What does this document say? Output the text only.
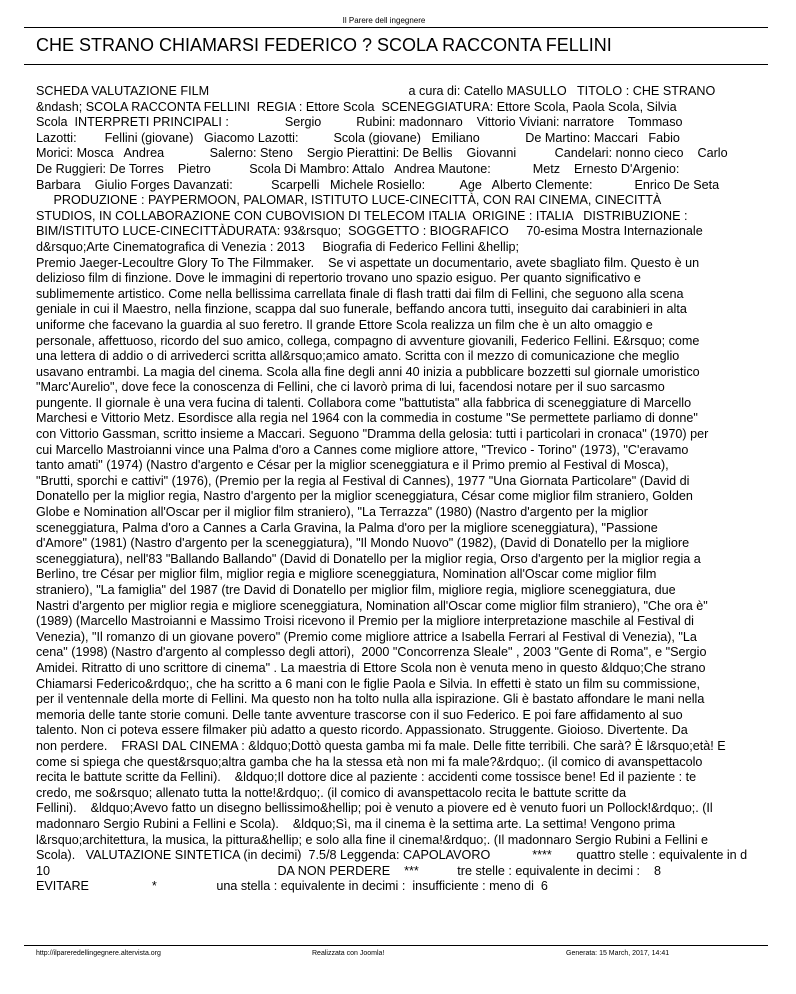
Il Parere dell ingegnere
CHE STRANO CHIAMARSI FEDERICO ? SCOLA RACCONTA FELLINI
SCHEDA VALUTAZIONE FILM                                                         a cura di: Catello MASULLO   TITOLO : CHE STRANO
&ndash; SCOLA RACCONTA FELLINI  REGIA : Ettore Scola  SCENEGGIATURA: Ettore Scola, Paola Scola, Silvia
Scola  INTERPRETI PRINCIPALI :                Sergio          Rubini: madonnaro    Vittorio Viviani: narratore    Tommaso
Lazotti:        Fellini (giovane)   Giacomo Lazotti:          Scola (giovane)   Emiliano             De Martino: Maccari   Fabio
Morici: Mosca   Andrea             Salerno: Steno    Sergio Pierattini: De Bellis    Giovanni           Candelari: nonno cieco    Carlo
De Ruggieri: De Torres    Pietro           Scola Di Mambro: Attalo   Andrea Mautone:            Metz    Ernesto D'Argenio:
Barbara    Giulio Forges Davanzati:           Scarpelli   Michele Rosiello:          Age   Alberto Clemente:            Enrico De Seta
PRODUZIONE : PAYPERMOON, PALOMAR, ISTITUTO LUCE-CINECITTÀ, CON RAI CINEMA, CINECITTÀ
STUDIOS, IN COLLABORAZIONE CON CUBOVISION DI TELECOM ITALIA  ORIGINE : ITALIA   DISTRIBUZIONE :
BIM/ISTITUTO LUCE-CINECITTÀDURATA: 93&rsquo;  SOGGETTO : BIOGRAFICO     70-esima Mostra Internazionale
d&rsquo;Arte Cinematografica di Venezia : 2013     Biografia di Federico Fellini &hellip;
Premio Jaeger-Lecoultre Glory To The Filmmaker.    Se vi aspettate un documentario, avete sbagliato film. Questo è un
delizioso film di finzione. Dove le immagini di repertorio trovano uno spazio esiguo. Per quanto significativo e
sublimemente artistico. Come nella bellissima carrellata finale di flash tratti dai film di Fellini, che seguono alla scena
geniale in cui il Maestro, nella finzione, scappa dal suo funerale, beffando ancora tutti, inseguito dai carabinieri in alta
uniforme che facevano la guardia al suo feretro. Il grande Ettore Scola realizza un film che è un alto omaggio e
personale, affettuoso, ricordo del suo amico, collega, compagno di avventure giovanili, Federico Fellini. E&rsquo; come
una lettera di addio o di arrivederci scritta all&rsquo;amico amato. Scritta con il mezzo di comunicazione che meglio
usavano entrambi. La magia del cinema. Scola alla fine degli anni 40 inizia a pubblicare bozzetti sul giornale umoristico
"Marc'Aurelio", dove fece la conoscenza di Fellini, che ci lavorò prima di lui, facendosi notare per il suo sarcasmo
pungente. Il giornale è una vera fucina di talenti. Collabora come "battutista" alla fabbrica di sceneggiature di Marcello
Marchesi e Vittorio Metz. Esordisce alla regia nel 1964 con la commedia in costume "Se permettete parliamo di donne"
con Vittorio Gassman, scritto insieme a Maccari. Seguono "Dramma della gelosia: tutti i particolari in cronaca" (1970) per
cui Marcello Mastroianni vince una Palma d'oro a Cannes come migliore attore, "Trevico - Torino" (1973), "C'eravamo
tanto amati" (1974) (Nastro d'argento e César per la miglior sceneggiatura e il Primo premio al Festival di Mosca),
"Brutti, sporchi e cattivi" (1976), (Premio per la regia al Festival di Cannes), 1977 "Una Giornata Particolare" (David di
Donatello per la miglior regia, Nastro d'argento per la miglior sceneggiatura, César come miglior film straniero, Golden
Globe e Nomination all'Oscar per il miglior film straniero), "La Terrazza" (1980) (Nastro d'argento per la miglior
sceneggiatura, Palma d'oro a Cannes a Carla Gravina, la Palma d'oro per la migliore sceneggiatura), "Passione
d'Amore" (1981) (Nastro d'argento per la sceneggiatura), "Il Mondo Nuovo" (1982), (David di Donatello per la migliore
sceneggiatura), nell'83 "Ballando Ballando" (David di Donatello per la miglior regia, Orso d'argento per la miglior regia a
Berlino, tre César per miglior film, miglior regia e migliore sceneggiatura, Nomination all'Oscar come miglior film
straniero), "La famiglia" del 1987 (tre David di Donatello per miglior film, migliore regia, migliore sceneggiatura, due
Nastri d'argento per miglior regia e migliore sceneggiatura, Nomination all'Oscar come miglior film straniero), "Che ora è"
(1989) (Marcello Mastroianni e Massimo Troisi ricevono il Premio per la migliore interpretazione maschile al Festival di
Venezia), "Il romanzo di un giovane povero" (Premio come migliore attrice a Isabella Ferrari al Festival di Venezia), "La
cena" (1998) (Nastro d'argento al complesso degli attori),  2000 "Concorrenza Sleale" , 2003 "Gente di Roma", e "Sergio
Amidei. Ritratto di uno scrittore di cinema" . La maestria di Ettore Scola non è venuta meno in questo &ldquo;Che strano
Chiamarsi Federico&rdquo;, che ha scritto a 6 mani con le figlie Paola e Silvia. In effetti è stato un film su commissione,
per il ventennale della morte di Fellini. Ma questo non ha tolto nulla alla ispirazione. Gli è bastato affondare le mani nella
memoria delle tante storie comuni. Delle tante avventure trascorse con il suo Federico. E poi fare affidamento al suo
talento. Non ci poteva essere filmaker più adatto a questo ricordo. Appassionato. Struggente. Gioioso. Divertente. Da
non perdere.    FRASI DAL CINEMA : &ldquo;Dottò questa gamba mi fa male. Delle fitte terribili. Che sarà? È l&rsquo;età! E
come si spiega che quest&rsquo;altra gamba che ha la stessa età non mi fa male?&rdquo;. (il comico di avanspettacolo
recita le battute scritte da Fellini).    &ldquo;Il dottore dice al paziente : accidenti come tossisce bene! Ed il paziente : te
credo, me so&rsquo; allenato tutta la notte!&rdquo;. (il comico di avanspettacolo recita le battute scritte da
Fellini).    &ldquo;Avevo fatto un disegno bellissimo&hellip; poi è venuto a piovere ed è venuto fuori un Pollock!&rdquo;. (Il
madonnaro Sergio Rubini a Fellini e Scola).    &ldquo;Sì, ma il cinema è la settima arte. La settima! Vengono prima
l&rsquo;architettura, la musica, la pittura&hellip; e solo alla fine il cinema!&rdquo;. (Il madonnaro Sergio Rubini a Fellini e
Scola).   VALUTAZIONE SINTETICA (in decimi)  7.5/8 Leggenda: CAPOLAVORO            ****       quattro stelle : equivalente in d
10                                                                 DA NON PERDERE    ***           tre stelle : equivalente in decimi :    8
EVITARE                  *                 una stella : equivalente in decimi :  insufficiente : meno di  6
http://ilpareredellingegnere.altervista.org	Realizzata con Joomla!	Generata: 15 March, 2017, 14:41
